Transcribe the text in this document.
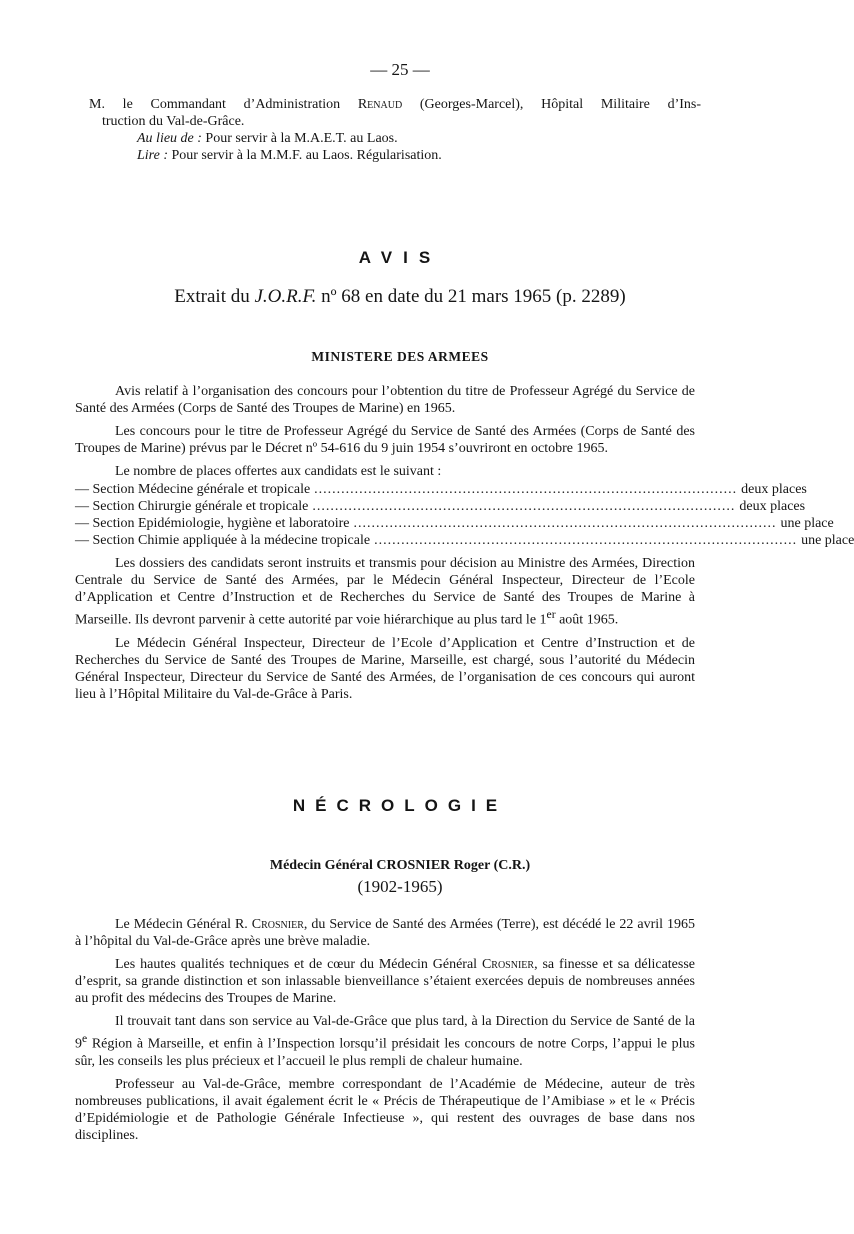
— 25 —
M. le Commandant d’Administration Renaud (Georges-Marcel), Hôpital Militaire d’Ins-
truction du Val-de-Grâce.
Au lieu de : Pour servir à la M.A.E.T. au Laos.
Lire : Pour servir à la M.M.F. au Laos. Régularisation.
AVIS
Extrait du J.O.R.F. nº 68 en date du 21 mars 1965 (p. 2289)
MINISTERE DES ARMEES

Avis relatif à l’organisation des concours pour l’obtention du titre de Professeur Agrégé du Service de Santé des Armées (Corps de Santé des Troupes de Marine) en 1965.

Les concours pour le titre de Professeur Agrégé du Service de Santé des Armées (Corps de Santé des Troupes de Marine) prévus par le Décret nº 54-616 du 9 juin 1954 s’ouvriront en octobre 1965.

Le nombre de places offertes aux candidats est le suivant :

— Section Médecine générale et tropicale .............................................................................................. deux places
— Section Chirurgie générale et tropicale .............................................................................................. deux places
— Section Epidémiologie, hygiène et laboratoire .............................................................................................. une place
— Section Chimie appliquée à la médecine tropicale .............................................................................................. une place

Les dossiers des candidats seront instruits et transmis pour décision au Ministre des Armées, Direction Centrale du Service de Santé des Armées, par le Médecin Général Inspecteur, Directeur de l’Ecole d’Application et Centre d’Instruction et de Recherches du Service de Santé des Troupes de Marine à Marseille. Ils devront parvenir à cette autorité par voie hiérarchique au plus tard le 1er août 1965.

Le Médecin Général Inspecteur, Directeur de l’Ecole d’Application et Centre d’Instruction et de Recherches du Service de Santé des Troupes de Marine, Marseille, est chargé, sous l’autorité du Médecin Général Inspecteur, Directeur du Service de Santé des Armées, de l’organisation de ces concours qui auront lieu à l’Hôpital Militaire du Val-de-Grâce à Paris.

NÉCROLOGIE
Médecin Général CROSNIER Roger (C.R.)
(1902-1965)

Le Médecin Général R. Crosnier, du Service de Santé des Armées (Terre), est décédé le 22 avril 1965 à l’hôpital du Val-de-Grâce après une brève maladie.

Les hautes qualités techniques et de cœur du Médecin Général Crosnier, sa finesse et sa délicatesse d’esprit, sa grande distinction et son inlassable bienveillance s’étaient exercées depuis de nombreuses années au profit des médecins des Troupes de Marine.

Il trouvait tant dans son service au Val-de-Grâce que plus tard, à la Direction du Service de Santé de la 9e Région à Marseille, et enfin à l’Inspection lorsqu’il présidait les concours de notre Corps, l’appui le plus sûr, les conseils les plus précieux et l’accueil le plus rempli de chaleur humaine.

Professeur au Val-de-Grâce, membre correspondant de l’Académie de Médecine, auteur de très nombreuses publications, il avait également écrit le « Précis de Thérapeutique de l’Amibiase » et le « Précis d’Epidémiologie et de Pathologie Générale Infectieuse », qui restent des ouvrages de base dans nos disciplines.
